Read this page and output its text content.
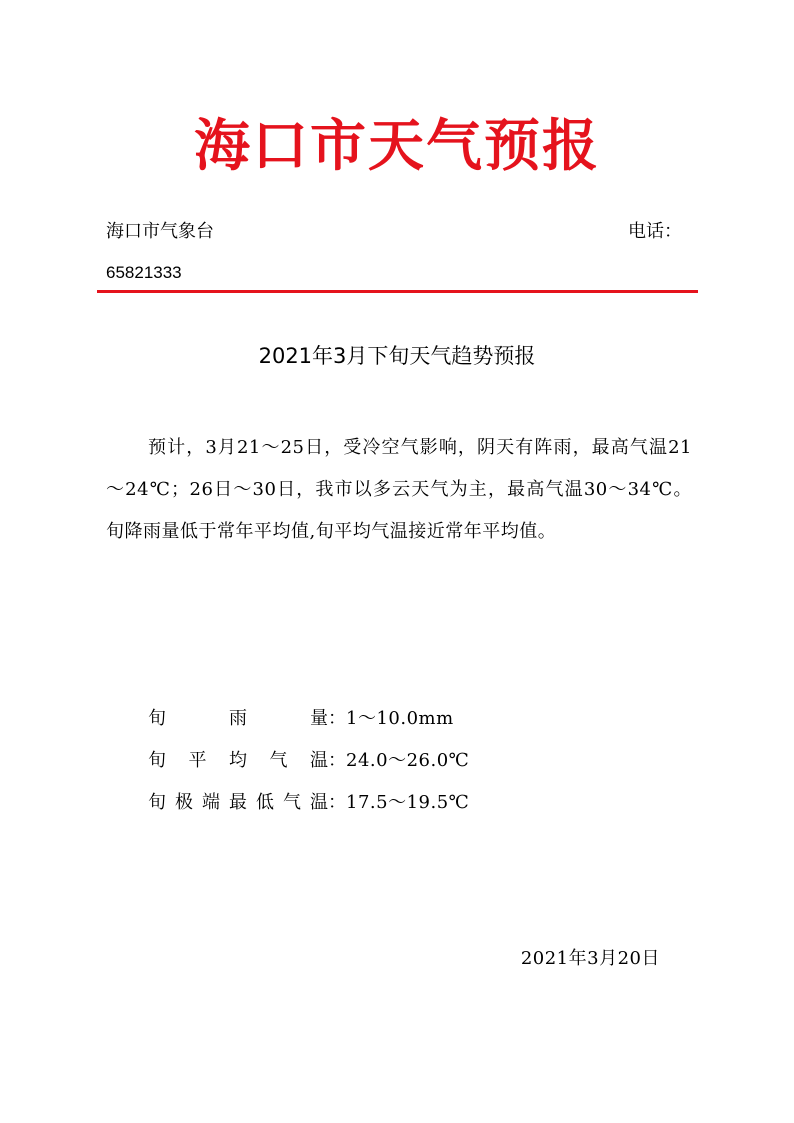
海口市天气预报
海口市气象台	电话：
65821333
2021年3月下旬天气趋势预报

预计，3月21～25日，受冷空气影响，阴天有阵雨，最高气温21～24℃；26日～30日，我市以多云天气为主，最高气温30～34℃。旬降雨量低于常年平均值,旬平均气温接近常年平均值。

旬	雨	量 ： 1～10.0mm
旬 平 均 气 温 ： 24.0～26.0℃
旬 极 端 最 低 气 温 ： 17.5～19.5℃
2021年3月20日
